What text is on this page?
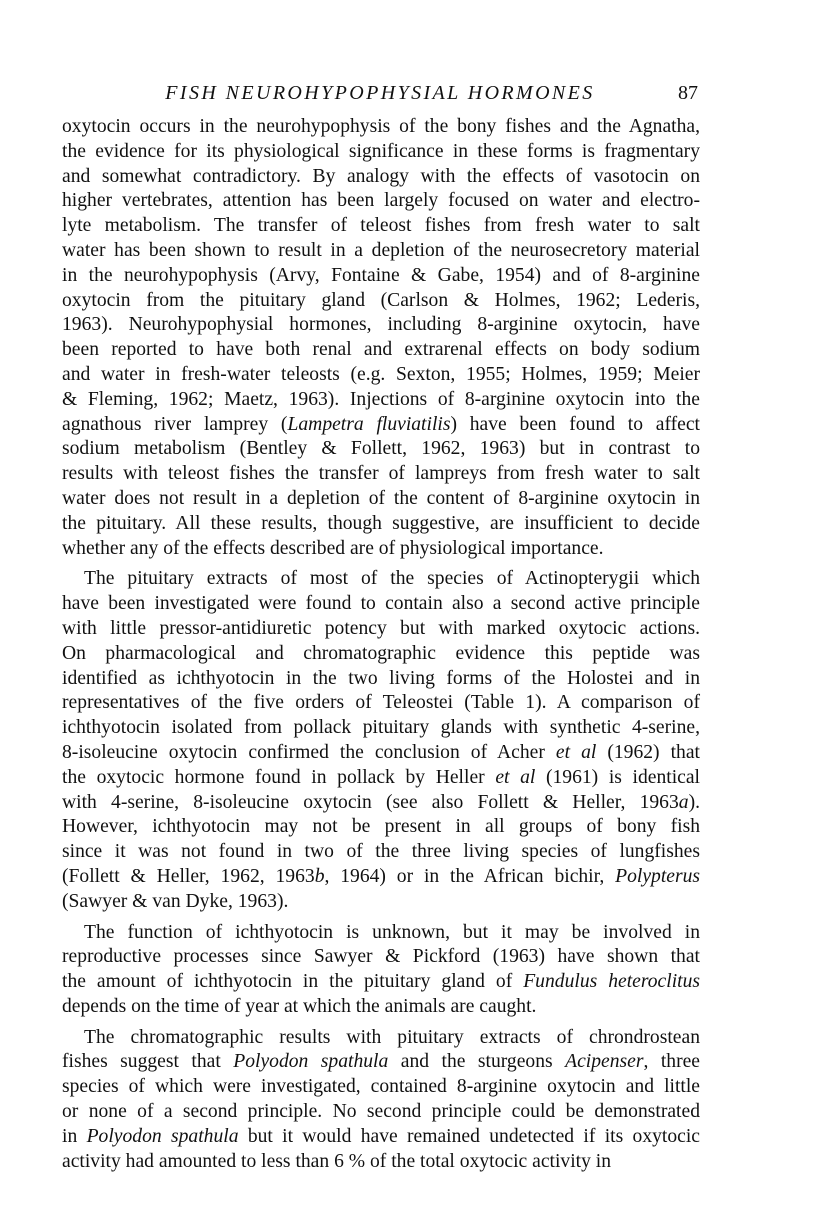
FISH NEUROHYPOPHYSIAL HORMONES	87
oxytocin occurs in the neurohypophysis of the bony fishes and the Agnatha,
the evidence for its physiological significance in these forms is fragmentary
and somewhat contradictory. By analogy with the effects of vasotocin on
higher vertebrates, attention has been largely focused on water and electro-
lyte metabolism. The transfer of teleost fishes from fresh water to salt
water has been shown to result in a depletion of the neurosecretory material
in the neurohypophysis (Arvy, Fontaine & Gabe, 1954) and of 8-arginine
oxytocin from the pituitary gland (Carlson & Holmes, 1962; Lederis,
1963). Neurohypophysial hormones, including 8-arginine oxytocin, have
been reported to have both renal and extrarenal effects on body sodium
and water in fresh-water teleosts (e.g. Sexton, 1955; Holmes, 1959; Meier
& Fleming, 1962; Maetz, 1963). Injections of 8-arginine oxytocin into the
agnathous river lamprey (Lampetra fluviatilis) have been found to affect
sodium metabolism (Bentley & Follett, 1962, 1963) but in contrast to
results with teleost fishes the transfer of lampreys from fresh water to salt
water does not result in a depletion of the content of 8-arginine oxytocin in
the pituitary. All these results, though suggestive, are insufficient to decide
whether any of the effects described are of physiological importance.
The pituitary extracts of most of the species of Actinopterygii which
have been investigated were found to contain also a second active principle
with little pressor-antidiuretic potency but with marked oxytocic actions.
On pharmacological and chromatographic evidence this peptide was
identified as ichthyotocin in the two living forms of the Holostei and in
representatives of the five orders of Teleostei (Table 1). A comparison of
ichthyotocin isolated from pollack pituitary glands with synthetic 4-serine,
8-isoleucine oxytocin confirmed the conclusion of Acher et al (1962) that
the oxytocic hormone found in pollack by Heller et al (1961) is identical
with 4-serine, 8-isoleucine oxytocin (see also Follett & Heller, 1963a).
However, ichthyotocin may not be present in all groups of bony fish
since it was not found in two of the three living species of lungfishes
(Follett & Heller, 1962, 1963b, 1964) or in the African bichir, Polypterus
(Sawyer & van Dyke, 1963).
The function of ichthyotocin is unknown, but it may be involved in
reproductive processes since Sawyer & Pickford (1963) have shown that
the amount of ichthyotocin in the pituitary gland of Fundulus heteroclitus
depends on the time of year at which the animals are caught.
The chromatographic results with pituitary extracts of chrondrostean
fishes suggest that Polyodon spathula and the sturgeons Acipenser, three
species of which were investigated, contained 8-arginine oxytocin and little
or none of a second principle. No second principle could be demonstrated
in Polyodon spathula but it would have remained undetected if its oxytocic
activity had amounted to less than 6 % of the total oxytocic activity in
